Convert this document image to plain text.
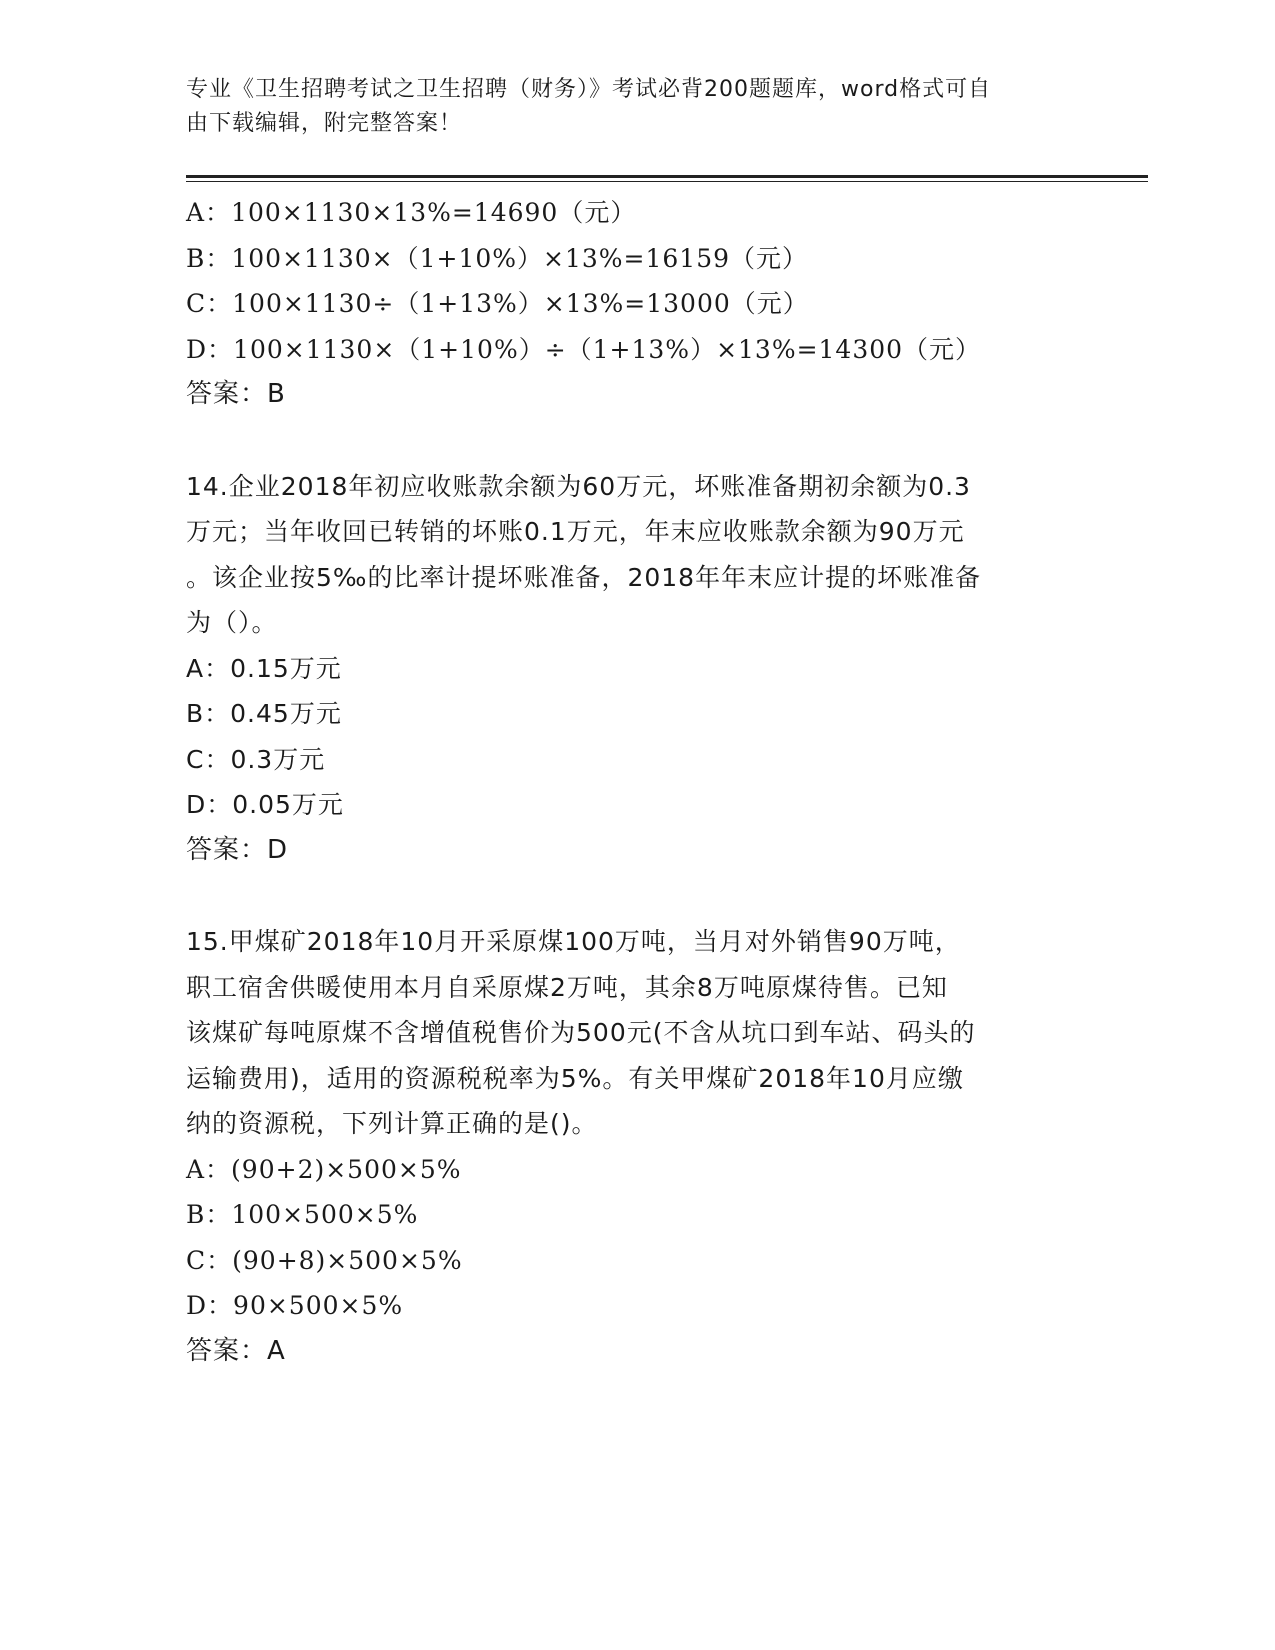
专业《卫生招聘考试之卫生招聘（财务）》考试必背200题题库，word格式可自
由下载编辑，附完整答案！
A：100×1130×13%=14690（元）
B：100×1130×（1+10%）×13%=16159（元）
C：100×1130÷（1+13%）×13%=13000（元）
D：100×1130×（1+10%）÷（1+13%）×13%=14300（元）
答案：B
14.企业2018年初应收账款余额为60万元，坏账准备期初余额为0.3
万元；当年收回已转销的坏账0.1万元，年末应收账款余额为90万元
。该企业按5‰的比率计提坏账准备，2018年年末应计提的坏账准备
为（）。
A：0.15万元
B：0.45万元
C：0.3万元
D：0.05万元
答案：D
15.甲煤矿2018年10月开采原煤100万吨，当月对外销售90万吨，
职工宿舍供暖使用本月自采原煤2万吨，其余8万吨原煤待售。已知
该煤矿每吨原煤不含增值税售价为500元(不含从坑口到车站、码头的
运输费用)，适用的资源税税率为5%。有关甲煤矿2018年10月应缴
纳的资源税，下列计算正确的是()。
A：(90+2)×500×5%
B：100×500×5%
C：(90+8)×500×5%
D：90×500×5%
答案：A
